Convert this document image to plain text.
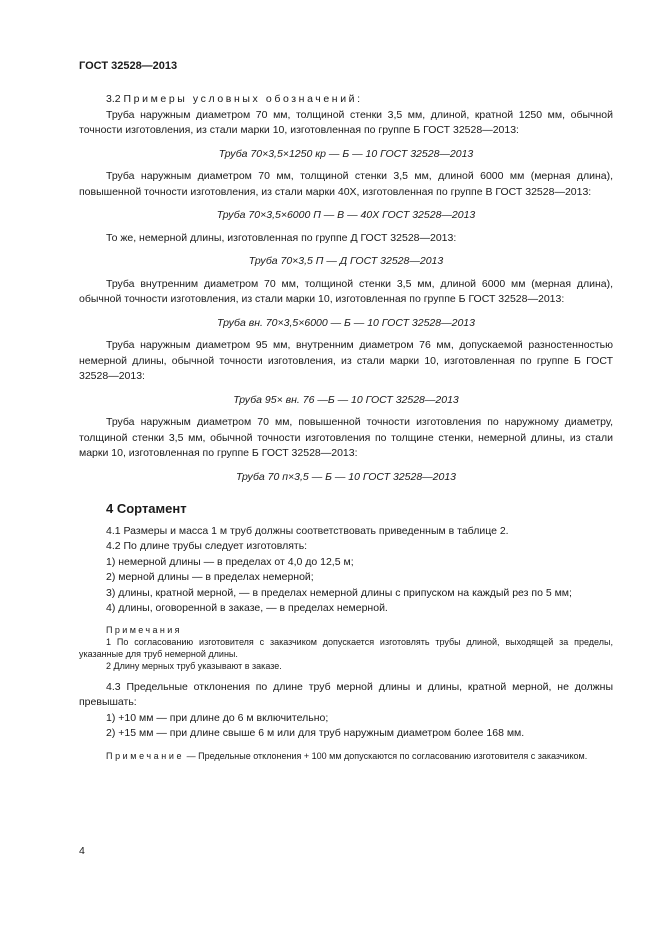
ГОСТ 32528—2013

3.2 Примеры условных обозначений:

Труба наружным диаметром 70 мм, толщиной стенки 3,5 мм, длиной, кратной 1250 мм, обычной точности изготовления, из стали марки 10, изготовленная по группе Б ГОСТ 32528—2013:

Труба 70×3,5×1250 кр — Б — 10 ГОСТ 32528—2013

Труба наружным диаметром 70 мм, толщиной стенки 3,5 мм, длиной 6000 мм (мерная длина), повышенной точности изготовления, из стали марки 40Х, изготовленная по группе В ГОСТ 32528—2013:

Труба 70×3,5×6000 П — В — 40Х ГОСТ 32528—2013

То же, немерной длины, изготовленная по группе Д ГОСТ 32528—2013:

Труба 70×3,5 П — Д ГОСТ 32528—2013

Труба внутренним диаметром 70 мм, толщиной стенки 3,5 мм, длиной 6000 мм (мерная длина), обычной точности изготовления, из стали марки 10, изготовленная по группе Б ГОСТ 32528—2013:

Труба вн. 70×3,5×6000 — Б — 10 ГОСТ 32528—2013

Труба наружным диаметром 95 мм, внутренним диаметром 76 мм, допускаемой разностенностью немерной длины, обычной точности изготовления, из стали марки 10, изготовленная по группе Б ГОСТ 32528—2013:

Труба 95× вн. 76 —Б — 10 ГОСТ 32528—2013

Труба наружным диаметром 70 мм, повышенной точности изготовления по наружному диаметру, толщиной стенки 3,5 мм, обычной точности изготовления по толщине стенки, немерной длины, из стали марки 10, изготовленная по группе Б ГОСТ 32528—2013:

Труба 70 п×3,5 — Б — 10 ГОСТ 32528—2013

4 Сортамент

4.1 Размеры и масса 1 м труб должны соответствовать приведенным в таблице 2.

4.2 По длине трубы следует изготовлять:

1) немерной длины — в пределах от 4,0 до 12,5 м;

2) мерной длины — в пределах немерной;

3) длины, кратной мерной, — в пределах немерной длины с припуском на каждый рез по 5 мм;

4) длины, оговоренной в заказе, — в пределах немерной.

Примечания

1 По согласованию изготовителя с заказчиком допускается изготовлять трубы длиной, выходящей за пределы, указанные для труб немерной длины.

2 Длину мерных труб указывают в заказе.

4.3 Предельные отклонения по длине труб мерной длины и длины, кратной мерной, не должны превышать:

1) +10 мм — при длине до 6 м включительно;

2) +15 мм — при длине свыше 6 м или для труб наружным диаметром более 168 мм.

Примечание — Предельные отклонения + 100 мм допускаются по согласованию изготовителя с заказчиком.

4
